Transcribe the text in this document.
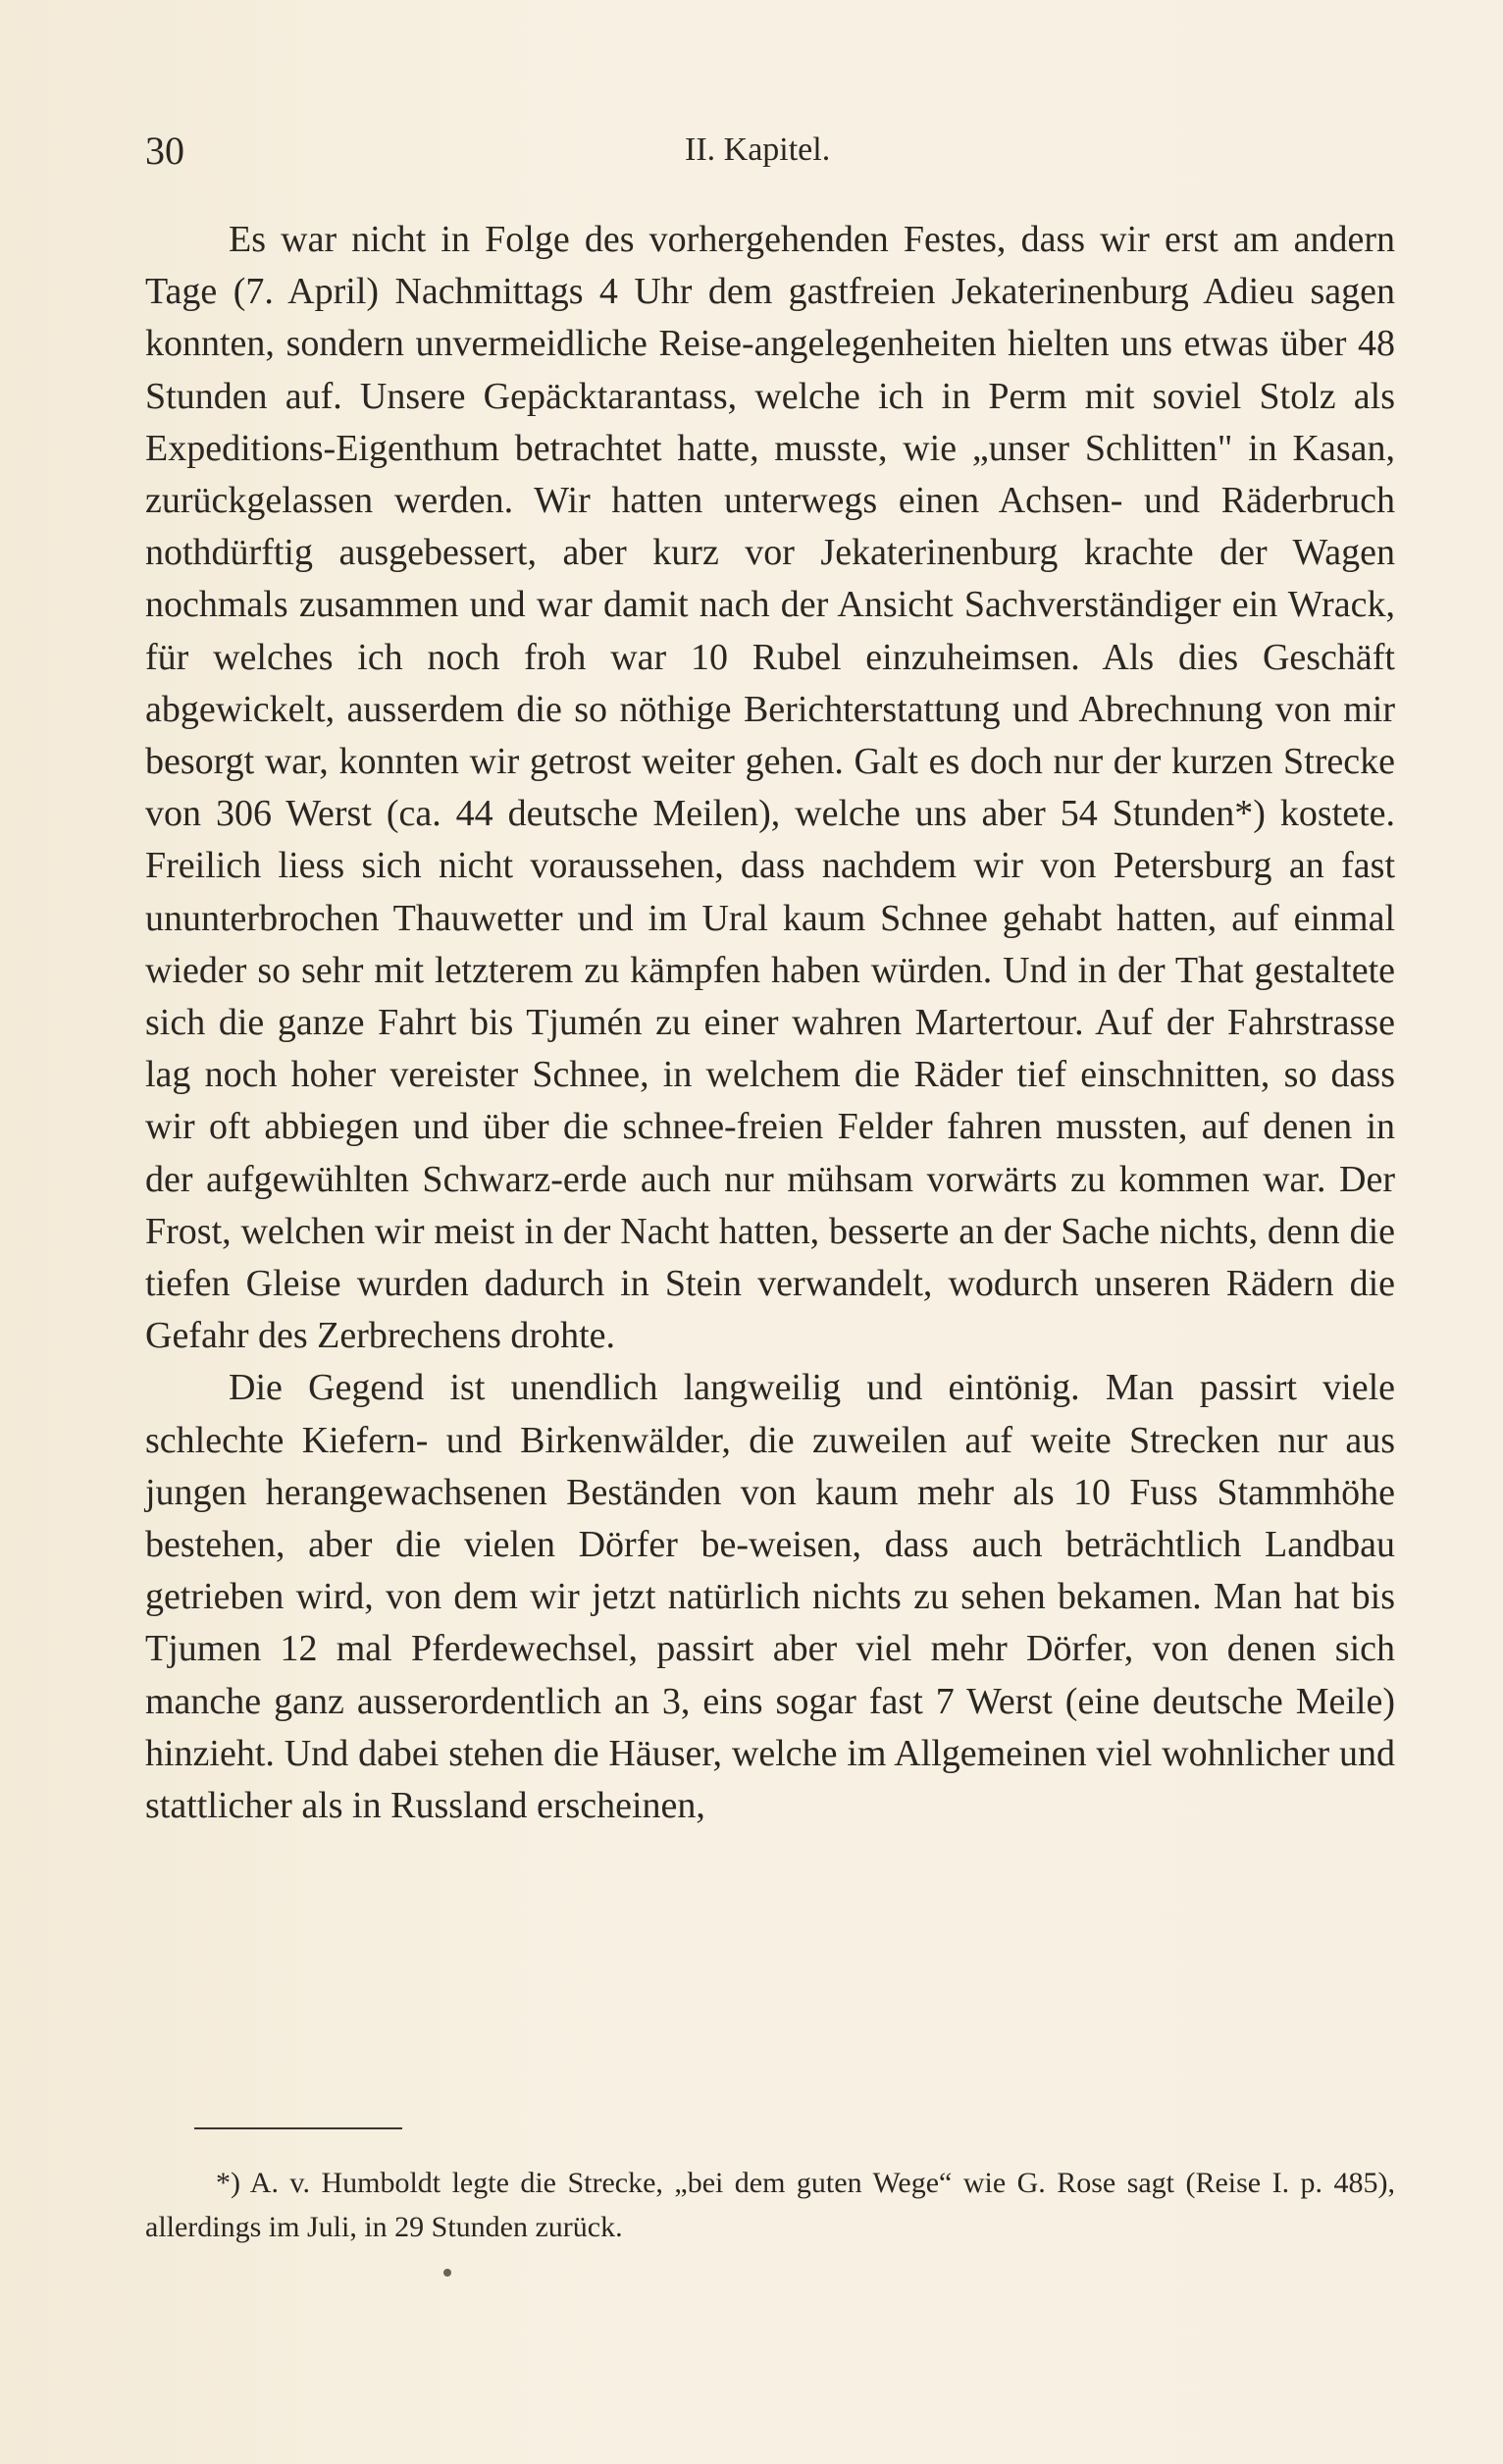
30	II. Kapitel.

Es war nicht in Folge des vorhergehenden Festes, dass wir erst am andern Tage (7. April) Nachmittags 4 Uhr dem gastfreien Jekaterinenburg Adieu sagen konnten, sondern unvermeidliche Reise-angelegenheiten hielten uns etwas über 48 Stunden auf. Unsere Gepäcktarantass, welche ich in Perm mit soviel Stolz als Expeditions-Eigenthum betrachtet hatte, musste, wie „unser Schlitten" in Kasan, zurückgelassen werden. Wir hatten unterwegs einen Achsen- und Räderbruch nothdürftig ausgebessert, aber kurz vor Jekaterinenburg krachte der Wagen nochmals zusammen und war damit nach der Ansicht Sachverständiger ein Wrack, für welches ich noch froh war 10 Rubel einzuheimsen. Als dies Geschäft abgewickelt, ausserdem die so nöthige Berichterstattung und Abrechnung von mir besorgt war, konnten wir getrost weiter gehen. Galt es doch nur der kurzen Strecke von 306 Werst (ca. 44 deutsche Meilen), welche uns aber 54 Stunden*) kostete. Freilich liess sich nicht voraussehen, dass nachdem wir von Petersburg an fast ununterbrochen Thauwetter und im Ural kaum Schnee gehabt hatten, auf einmal wieder so sehr mit letzterem zu kämpfen haben würden. Und in der That gestaltete sich die ganze Fahrt bis Tjumén zu einer wahren Martertour. Auf der Fahrstrasse lag noch hoher vereister Schnee, in welchem die Räder tief einschnitten, so dass wir oft abbiegen und über die schnee-freien Felder fahren mussten, auf denen in der aufgewühlten Schwarz-erde auch nur mühsam vorwärts zu kommen war. Der Frost, welchen wir meist in der Nacht hatten, besserte an der Sache nichts, denn die tiefen Gleise wurden dadurch in Stein verwandelt, wodurch unseren Rädern die Gefahr des Zerbrechens drohte.

Die Gegend ist unendlich langweilig und eintönig. Man passirt viele schlechte Kiefern- und Birkenwälder, die zuweilen auf weite Strecken nur aus jungen herangewachsenen Beständen von kaum mehr als 10 Fuss Stammhöhe bestehen, aber die vielen Dörfer be-weisen, dass auch beträchtlich Landbau getrieben wird, von dem wir jetzt natürlich nichts zu sehen bekamen. Man hat bis Tjumen 12 mal Pferdewechsel, passirt aber viel mehr Dörfer, von denen sich manche ganz ausserordentlich an 3, eins sogar fast 7 Werst (eine deutsche Meile) hinzieht. Und dabei stehen die Häuser, welche im Allgemeinen viel wohnlicher und stattlicher als in Russland erscheinen,

*) A. v. Humboldt legte die Strecke, „bei dem guten Wege“ wie G. Rose sagt (Reise I. p. 485), allerdings im Juli, in 29 Stunden zurück.
